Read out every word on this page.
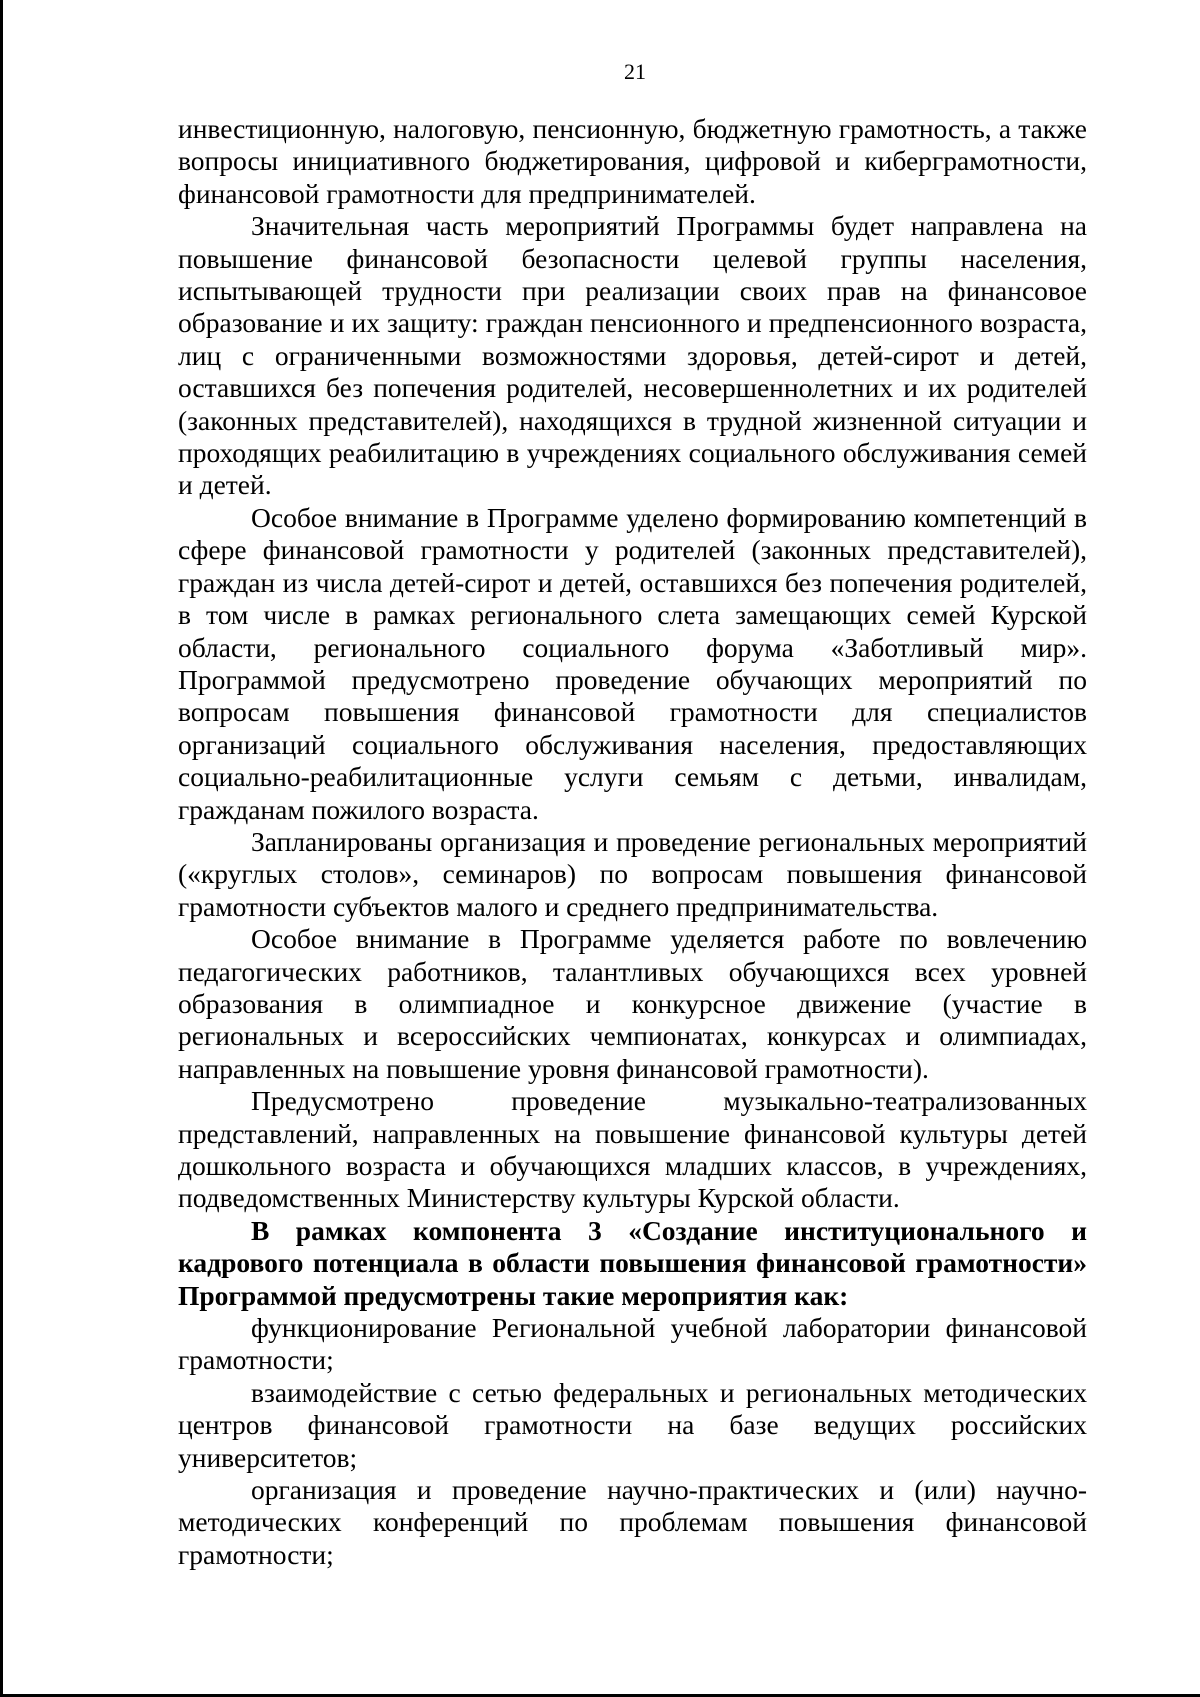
21

инвестиционную, налоговую, пенсионную, бюджетную грамотность, а также вопросы инициативного бюджетирования, цифровой и киберграмотности, финансовой грамотности для предпринимателей.

Значительная часть мероприятий Программы будет направлена на повышение финансовой безопасности целевой группы населения, испытывающей трудности при реализации своих прав на финансовое образование и их защиту: граждан пенсионного и предпенсионного возраста, лиц с ограниченными возможностями здоровья, детей-сирот и детей, оставшихся без попечения родителей, несовершеннолетних и их родителей (законных представителей), находящихся в трудной жизненной ситуации и проходящих реабилитацию в учреждениях социального обслуживания семей и детей.

Особое внимание в Программе уделено формированию компетенций в сфере финансовой грамотности у родителей (законных представителей), граждан из числа детей-сирот и детей, оставшихся без попечения родителей, в том числе в рамках регионального слета замещающих семей Курской области, регионального социального форума «Заботливый мир». Программой предусмотрено проведение обучающих мероприятий по вопросам повышения финансовой грамотности для специалистов организаций социального обслуживания населения, предоставляющих социально-реабилитационные услуги семьям с детьми, инвалидам, гражданам пожилого возраста.

Запланированы организация и проведение региональных мероприятий («круглых столов», семинаров) по вопросам повышения финансовой грамотности субъектов малого и среднего предпринимательства.

Особое внимание в Программе уделяется работе по вовлечению педагогических работников, талантливых обучающихся всех уровней образования в олимпиадное и конкурсное движение (участие в региональных и всероссийских чемпионатах, конкурсах и олимпиадах, направленных на повышение уровня финансовой грамотности).

Предусмотрено проведение музыкально-театрализованных представлений, направленных на повышение финансовой культуры детей дошкольного возраста и обучающихся младших классов, в учреждениях, подведомственных Министерству культуры Курской области.

В рамках компонента 3 «Создание институционального и кадрового потенциала в области повышения финансовой грамотности» Программой предусмотрены такие мероприятия как:

функционирование Региональной учебной лаборатории финансовой грамотности;

взаимодействие с сетью федеральных и региональных методических центров финансовой грамотности на базе ведущих российских университетов;

организация и проведение научно-практических и (или) научно-методических конференций по проблемам повышения финансовой грамотности;
